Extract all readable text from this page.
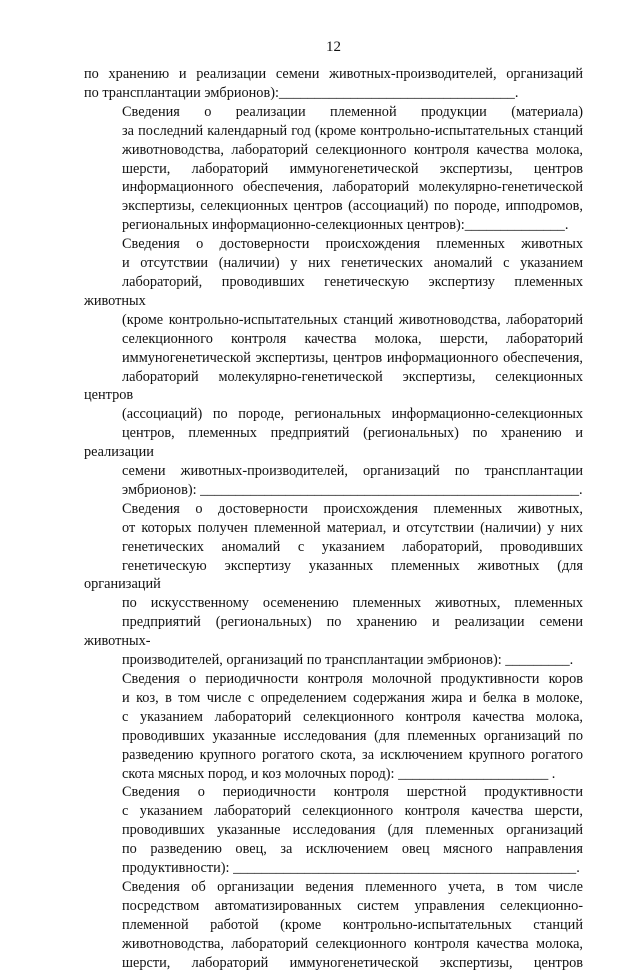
12

по хранению и реализации семени животных-производителей, организаций
по трансплантации эмбрионов):_________________________________.

Сведения о реализации племенной продукции (материала)
за последний календарный год (кроме контрольно-испытательных станций
животноводства, лабораторий селекционного контроля качества молока,
шерсти, лабораторий иммуногенетической экспертизы, центров
информационного обеспечения, лабораторий молекулярно-генетической
экспертизы, селекционных центров (ассоциаций) по породе, ипподромов,
региональных информационно-селекционных центров):______________.

Сведения о достоверности происхождения племенных животных
и отсутствии (наличии) у них генетических аномалий с указанием
лабораторий, проводивших генетическую экспертизу племенных животных
(кроме контрольно-испытательных станций животноводства, лабораторий
селекционного контроля качества молока, шерсти, лабораторий
иммуногенетической экспертизы, центров информационного обеспечения,
лабораторий молекулярно-генетической экспертизы, селекционных центров
(ассоциаций) по породе, региональных информационно-селекционных
центров, племенных предприятий (региональных) по хранению и реализации
семени животных-производителей, организаций по трансплантации
эмбрионов): _____________________________________________________.

Сведения о достоверности происхождения племенных животных,
от которых получен племенной материал, и отсутствии (наличии) у них
генетических аномалий с указанием лабораторий, проводивших
генетическую экспертизу указанных племенных животных (для организаций
по искусственному осеменению племенных животных, племенных
предприятий (региональных) по хранению и реализации семени животных-
производителей, организаций по трансплантации эмбрионов): _________.

Сведения о периодичности контроля молочной продуктивности коров
и коз, в том числе с определением содержания жира и белка в молоке,
с указанием лабораторий селекционного контроля качества молока,
проводивших указанные исследования (для племенных организаций по
разведению крупного рогатого скота, за исключением крупного рогатого
скота мясных пород, и коз молочных пород): _____________________ .

Сведения о периодичности контроля шерстной продуктивности
с указанием лабораторий селекционного контроля качества шерсти,
проводивших указанные исследования (для племенных организаций
по разведению овец, за исключением овец мясного направления
продуктивности): ________________________________________________.

Сведения об организации ведения племенного учета, в том числе
посредством автоматизированных систем управления селекционно-
племенной работой (кроме контрольно-испытательных станций
животноводства, лабораторий селекционного контроля качества молока,
шерсти, лабораторий иммуногенетической экспертизы, центров
